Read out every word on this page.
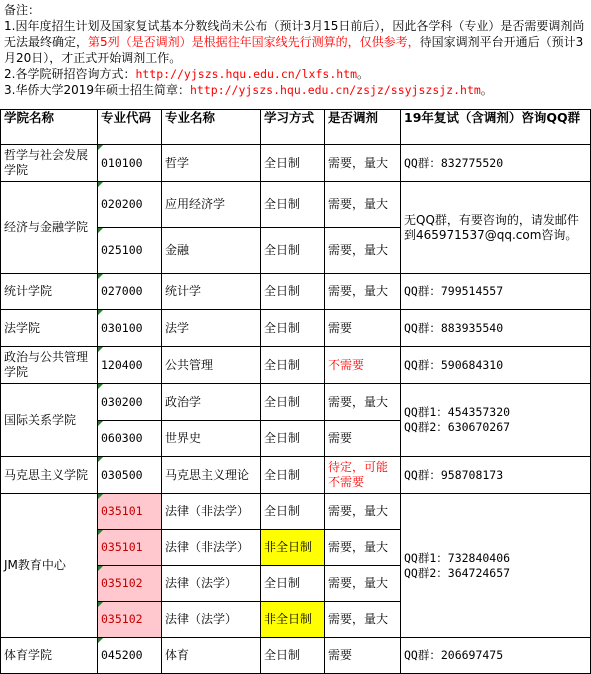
备注：
1.因年度招生计划及国家复试基本分数线尚未公布（预计3月15日前后），因此各学科（专业）是否需要调剂尚无法最终确定，第5列（是否调剂）是根据往年国家线先行测算的，仅供参考，待国家调剂平台开通后（预计3月20日），才正式开始调剂工作。
2.各学院研招咨询方式：http://yjszs.hqu.edu.cn/lxfs.htm。
3.华侨大学2019年硕士招生简章：http://yjszs.hqu.edu.cn/zsjz/ssyjszsjz.htm。
学院名称	专业代码	专业名称	学习方式	是否调剂	19年复试（含调剂）咨询QQ群
哲学与社会发展学院	010100	哲学	全日制	需要，量大	QQ群：832775520
经济与金融学院	020200	应用经济学	全日制	需要，量大	无QQ群，有要咨询的，请发邮件到465971537@qq.com咨询。
	025100	金融	全日制	需要，量大	
统计学院	027000	统计学	全日制	需要，量大	QQ群：799514557
法学院	030100	法学	全日制	需要	QQ群：883935540
政治与公共管理学院	120400	公共管理	全日制	不需要	QQ群：590684310
国际关系学院	030200	政治学	全日制	需要，量大	QQ群1：454357320
QQ群2：630670267
	060300	世界史	全日制	需要	
马克思主义学院	030500	马克思主义理论	全日制	待定，可能不需要	QQ群：958708173
JM教育中心	035101	法律（非法学）	全日制	需要，量大	QQ群1：732840406
QQ群2：364724657
	035101	法律（非法学）	非全日制	需要，量大	
	035102	法律（法学）	全日制	需要，量大	
	035102	法律（法学）	非全日制	需要，量大	
体育学院	045200	体育	全日制	需要	QQ群：206697475
